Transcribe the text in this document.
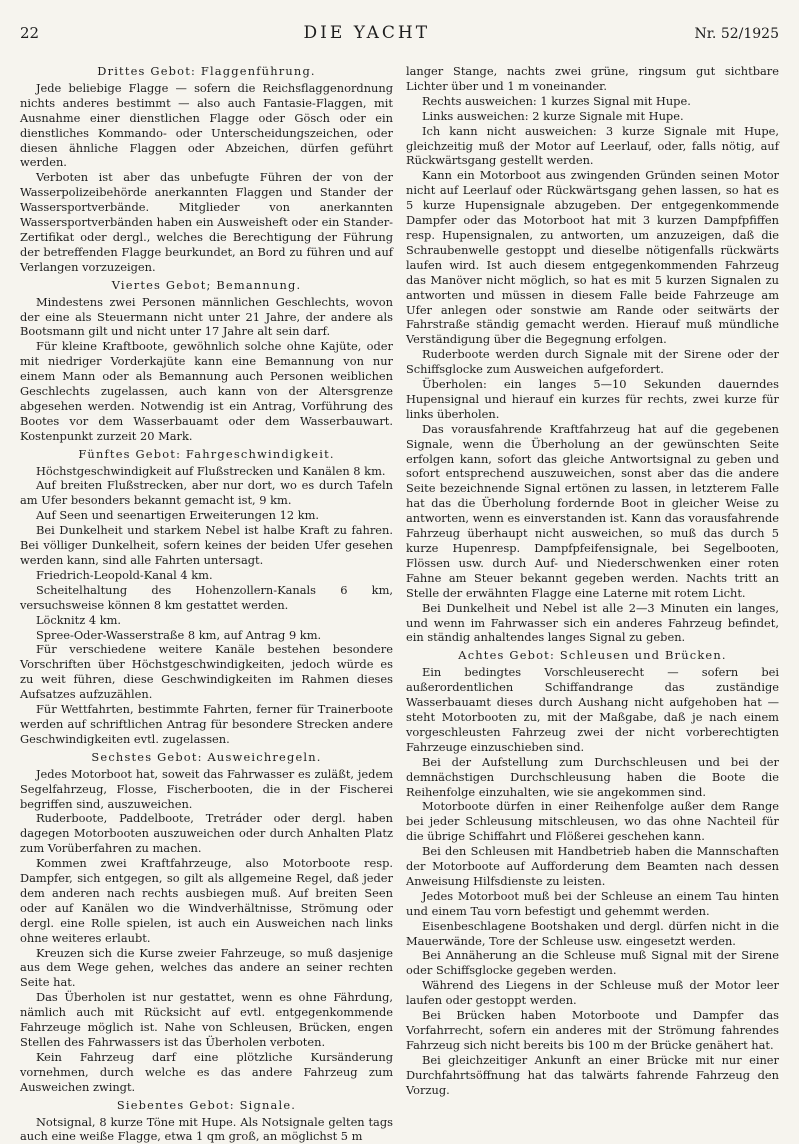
22	DIE YACHT	Nr. 52/1925
Drittes Gebot: Flaggenführung.

Jede beliebige Flagge — sofern die Reichsflaggenordnung nichts anderes bestimmt — also auch Fantasie-Flaggen, mit Ausnahme einer dienstlichen Flagge oder Gösch oder ein dienstliches Kommando- oder Unterscheidungszeichen, oder diesen ähnliche Flaggen oder Abzeichen, dürfen geführt werden.

Verboten ist aber das unbefugte Führen der von der Wasserpolizeibehörde anerkannten Flaggen und Stander der Wassersportverbände. Mitglieder von anerkannten Wassersportverbänden haben ein Ausweisheft oder ein Stander-Zertifikat oder dergl., welches die Berechtigung der Führung der betreffenden Flagge beurkundet, an Bord zu führen und auf Verlangen vorzuzeigen.

Viertes Gebot; Bemannung.

Mindestens zwei Personen männlichen Geschlechts, wovon der eine als Steuermann nicht unter 21 Jahre, der andere als Bootsmann gilt und nicht unter 17 Jahre alt sein darf.

Für kleine Kraftboote, gewöhnlich solche ohne Kajüte, oder mit niedriger Vorderkajüte kann eine Bemannung von nur einem Mann oder als Bemannung auch Personen weiblichen Geschlechts zugelassen, auch kann von der Altersgrenze abgesehen werden. Notwendig ist ein Antrag, Vorführung des Bootes vor dem Wasserbauamt oder dem Wasserbauwart. Kostenpunkt zurzeit 20 Mark.

Fünftes Gebot: Fahrgeschwindigkeit.

Höchstgeschwindigkeit auf Flußstrecken und Kanälen 8 km.

Auf breiten Flußstrecken, aber nur dort, wo es durch Tafeln am Ufer besonders bekannt gemacht ist, 9 km.

Auf Seen und seenartigen Erweiterungen 12 km.

Bei Dunkelheit und starkem Nebel ist halbe Kraft zu fahren. Bei völliger Dunkelheit, sofern keines der beiden Ufer gesehen werden kann, sind alle Fahrten untersagt.

Friedrich-Leopold-Kanal 4 km.

Scheitelhaltung des Hohenzollern-Kanals 6 km, versuchsweise können 8 km gestattet werden.

Löcknitz 4 km.

Spree-Oder-Wasserstraße 8 km, auf Antrag 9 km.

Für verschiedene weitere Kanäle bestehen besondere Vorschriften über Höchstgeschwindigkeiten, jedoch würde es zu weit führen, diese Geschwindigkeiten im Rahmen dieses Aufsatzes aufzuzählen.

Für Wettfahrten, bestimmte Fahrten, ferner für Trainerboote werden auf schriftlichen Antrag für besondere Strecken andere Geschwindigkeiten evtl. zugelassen.

Sechstes Gebot: Ausweichregeln.

Jedes Motorboot hat, soweit das Fahrwasser es zuläßt, jedem Segelfahrzeug, Flosse, Fischerbooten, die in der Fischerei begriffen sind, auszuweichen.

Ruderboote, Paddelboote, Tretráder oder dergl. haben dagegen Motorbooten auszuweichen oder durch Anhalten Platz zum Vorüberfahren zu machen.

Kommen zwei Kraftfahrzeuge, also Motorboote resp. Dampfer, sich entgegen, so gilt als allgemeine Regel, daß jeder dem anderen nach rechts ausbiegen muß. Auf breiten Seen oder auf Kanälen wo die Windverhältnisse, Strömung oder dergl. eine Rolle spielen, ist auch ein Ausweichen nach links ohne weiteres erlaubt.

Kreuzen sich die Kurse zweier Fahrzeuge, so muß dasjenige aus dem Wege gehen, welches das andere an seiner rechten Seite hat.

Das Überholen ist nur gestattet, wenn es ohne Fährdung, nämlich auch mit Rücksicht auf evtl. entgegenkommende Fahrzeuge möglich ist. Nahe von Schleusen, Brücken, engen Stellen des Fahrwassers ist das Überholen verboten.

Kein Fahrzeug darf eine plötzliche Kursänderung vornehmen, durch welche es das andere Fahrzeug zum Ausweichen zwingt.

Siebentes Gebot: Signale.

Notsignal, 8 kurze Töne mit Hupe. Als Notsignale gelten tags auch eine weiße Flagge, etwa 1 qm groß, an möglichst 5 m

langer Stange, nachts zwei grüne, ringsum gut sichtbare Lichter über und 1 m voneinander.

Rechts ausweichen: 1 kurzes Signal mit Hupe.

Links ausweichen: 2 kurze Signale mit Hupe.

Ich kann nicht ausweichen: 3 kurze Signale mit Hupe, gleichzeitig muß der Motor auf Leerlauf, oder, falls nötig, auf Rückwärtsgang gestellt werden.

Kann ein Motorboot aus zwingenden Gründen seinen Motor nicht auf Leerlauf oder Rückwärtsgang gehen lassen, so hat es 5 kurze Hupensignale abzugeben. Der entgegenkommende Dampfer oder das Motorboot hat mit 3 kurzen Dampfpfiffen resp. Hupensignalen, zu antworten, um anzuzeigen, daß die Schraubenwelle gestoppt und dieselbe nötigenfalls rückwärts laufen wird. Ist auch diesem entgegenkommenden Fahrzeug das Manöver nicht möglich, so hat es mit 5 kurzen Signalen zu antworten und müssen in diesem Falle beide Fahrzeuge am Ufer anlegen oder sonstwie am Rande oder seitwärts der Fahrstraße ständig gemacht werden. Hierauf muß mündliche Verständigung über die Begegnung erfolgen.

Ruderboote werden durch Signale mit der Sirene oder der Schiffsglocke zum Ausweichen aufgefordert.

Überholen: ein langes 5—10 Sekunden dauerndes Hupensignal und hierauf ein kurzes für rechts, zwei kurze für links überholen.

Das vorausfahrende Kraftfahrzeug hat auf die gegebenen Signale, wenn die Überholung an der gewünschten Seite erfolgen kann, sofort das gleiche Antwortsignal zu geben und sofort entsprechend auszuweichen, sonst aber das die andere Seite bezeichnende Signal ertönen zu lassen, in letzterem Falle hat das die Überholung fordernde Boot in gleicher Weise zu antworten, wenn es einverstanden ist. Kann das vorausfahrende Fahrzeug überhaupt nicht ausweichen, so muß das durch 5 kurze Hupenresp. Dampfpfeifensignale, bei Segelbooten, Flössen usw. durch Auf- und Niederschwenken einer roten Fahne am Steuer bekannt gegeben werden. Nachts tritt an Stelle der erwähnten Flagge eine Laterne mit rotem Licht.

Bei Dunkelheit und Nebel ist alle 2—3 Minuten ein langes, und wenn im Fahrwasser sich ein anderes Fahrzeug befindet, ein ständig anhaltendes langes Signal zu geben.

Achtes Gebot: Schleusen und Brücken.

Ein bedingtes Vorschleuserecht — sofern bei außerordentlichen Schiffandrange das zuständige Wasserbauamt dieses durch Aushang nicht aufgehoben hat — steht Motorbooten zu, mit der Maßgabe, daß je nach einem vorgeschleusten Fahrzeug zwei der nicht vorberechtigten Fahrzeuge einzuschieben sind.

Bei der Aufstellung zum Durchschleusen und bei der demnächstigen Durchschleusung haben die Boote die Reihenfolge einzuhalten, wie sie angekommen sind.

Motorboote dürfen in einer Reihenfolge außer dem Range bei jeder Schleusung mitschleusen, wo das ohne Nachteil für die übrige Schiffahrt und Flößerei geschehen kann.

Bei den Schleusen mit Handbetrieb haben die Mannschaften der Motorboote auf Aufforderung dem Beamten nach dessen Anweisung Hilfsdienste zu leisten.

Jedes Motorboot muß bei der Schleuse an einem Tau hinten und einem Tau vorn befestigt und gehemmt werden.

Eisenbeschlagene Bootshaken und dergl. dürfen nicht in die Mauerwände, Tore der Schleuse usw. eingesetzt werden.

Bei Annäherung an die Schleuse muß Signal mit der Sirene oder Schiffsglocke gegeben werden.

Während des Liegens in der Schleuse muß der Motor leer laufen oder gestoppt werden.

Bei Brücken haben Motorboote und Dampfer das Vorfahrrecht, sofern ein anderes mit der Strömung fahrendes Fahrzeug sich nicht bereits bis 100 m der Brücke genähert hat.

Bei gleichzeitiger Ankunft an einer Brücke mit nur einer Durchfahrtsöffnung hat das talwärts fahrende Fahrzeug den Vorzug.
